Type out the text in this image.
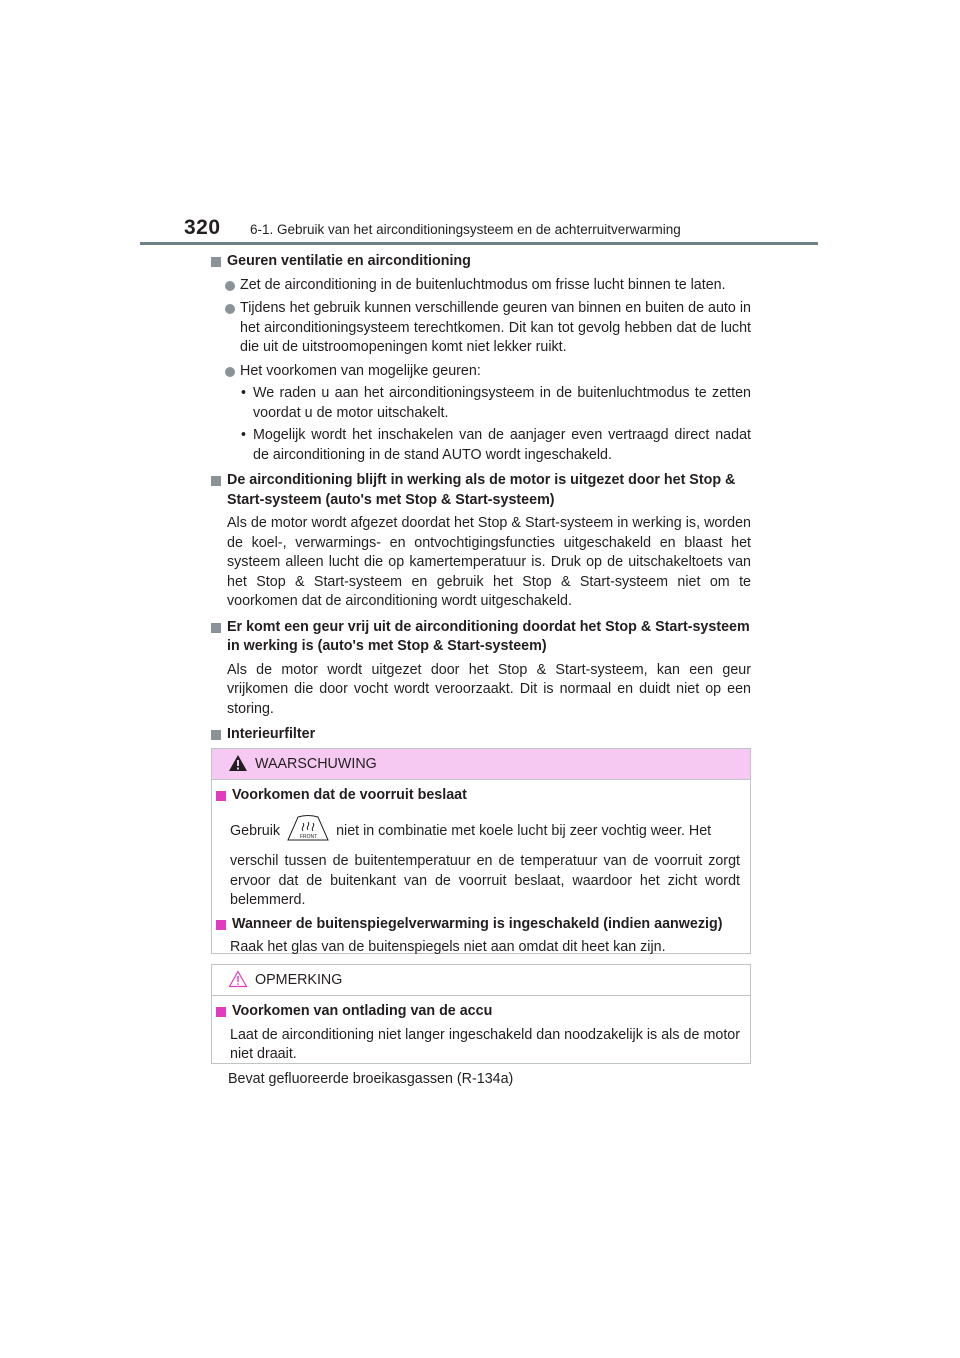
320 6-1. Gebruik van het airconditioningsysteem en de achterruitverwarming
Geuren ventilatie en airconditioning
Zet de airconditioning in de buitenluchtmodus om frisse lucht binnen te laten.
Tijdens het gebruik kunnen verschillende geuren van binnen en buiten de auto in het airconditioningsysteem terechtkomen. Dit kan tot gevolg hebben dat de lucht die uit de uitstroomopeningen komt niet lekker ruikt.
Het voorkomen van mogelijke geuren:
• We raden u aan het airconditioningsysteem in de buitenluchtmodus te zetten voordat u de motor uitschakelt.
• Mogelijk wordt het inschakelen van de aanjager even vertraagd direct nadat de airconditioning in de stand AUTO wordt ingeschakeld.
De airconditioning blijft in werking als de motor is uitgezet door het Stop & Start-systeem (auto's met Stop & Start-systeem)
Als de motor wordt afgezet doordat het Stop & Start-systeem in werking is, worden de koel-, verwarmings- en ontvochtigingsfuncties uitgeschakeld en blaast het systeem alleen lucht die op kamertemperatuur is. Druk op de uitschakeltoets van het Stop & Start-systeem en gebruik het Stop & Start-systeem niet om te voorkomen dat de airconditioning wordt uitgeschakeld.
Er komt een geur vrij uit de airconditioning doordat het Stop & Start-systeem in werking is (auto's met Stop & Start-systeem)
Als de motor wordt uitgezet door het Stop & Start-systeem, kan een geur vrijkomen die door vocht wordt veroorzaakt. Dit is normaal en duidt niet op een storing.
Interieurfilter
WAARSCHUWING
Voorkomen dat de voorruit beslaat
Gebruik	FRONT niet in combinatie met koele lucht bij zeer vochtig weer. Het
verschil tussen de buitentemperatuur en de temperatuur van de voorruit zorgt ervoor dat de buitenkant van de voorruit beslaat, waardoor het zicht wordt belemmerd.
Wanneer de buitenspiegelverwarming is ingeschakeld (indien aanwezig)
Raak het glas van de buitenspiegels niet aan omdat dit heet kan zijn.
OPMERKING
Voorkomen van ontlading van de accu
Laat de airconditioning niet langer ingeschakeld dan noodzakelijk is als de motor niet draait.
Bevat gefluoreerde broeikasgassen (R-134a)
